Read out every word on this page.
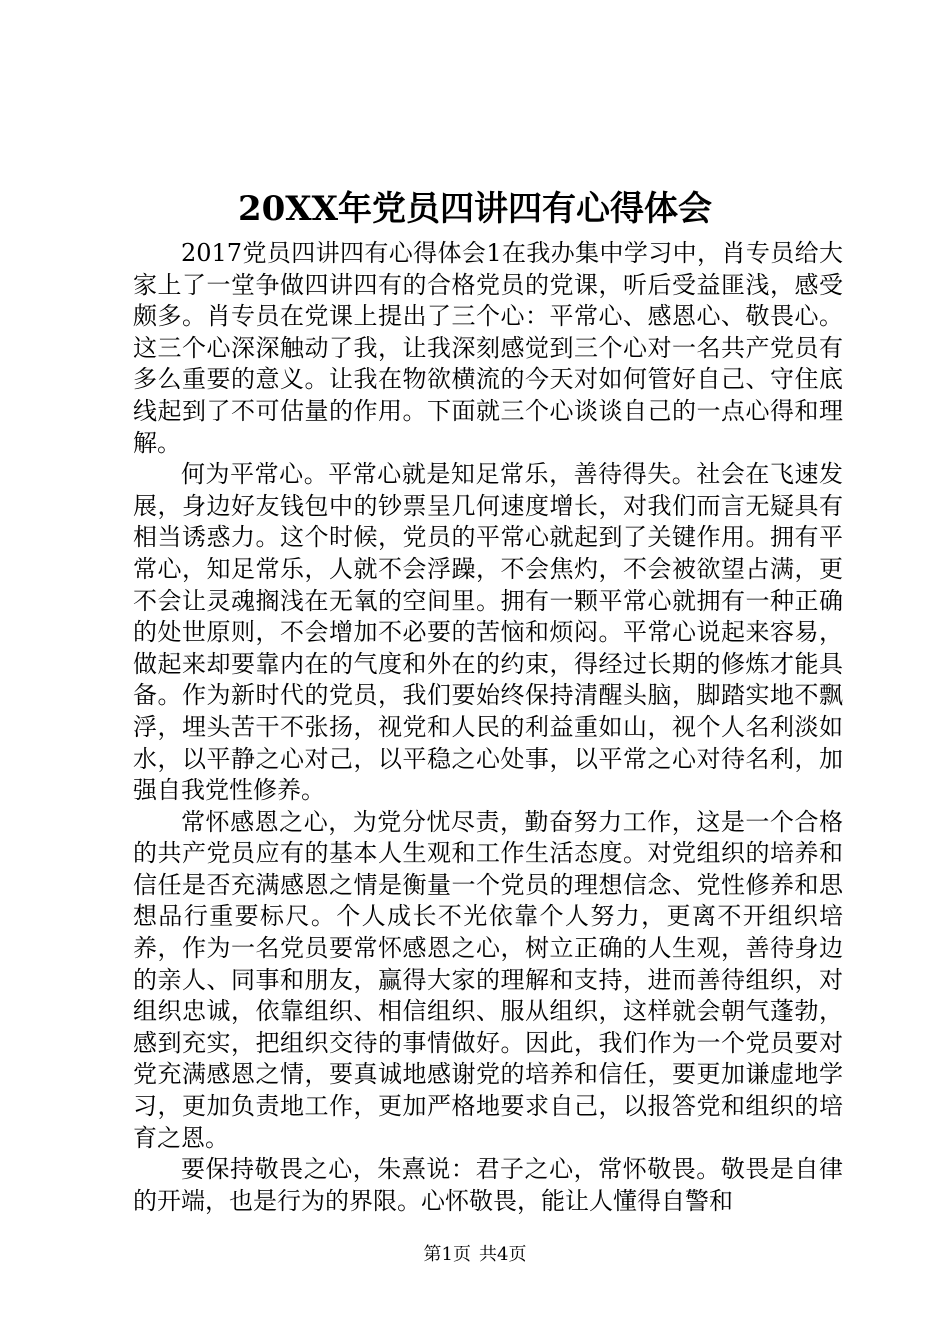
20XX年党员四讲四有心得体会

2017党员四讲四有心得体会1在我办集中学习中，肖专员给大家上了一堂争做四讲四有的合格党员的党课，听后受益匪浅，感受颇多。肖专员在党课上提出了三个心：平常心、感恩心、敬畏心。这三个心深深触动了我，让我深刻感觉到三个心对一名共产党员有多么重要的意义。让我在物欲横流的今天对如何管好自己、守住底线起到了不可估量的作用。下面就三个心谈谈自己的一点心得和理解。

何为平常心。平常心就是知足常乐，善待得失。社会在飞速发展，身边好友钱包中的钞票呈几何速度增长，对我们而言无疑具有相当诱惑力。这个时候，党员的平常心就起到了关键作用。拥有平常心，知足常乐，人就不会浮躁，不会焦灼，不会被欲望占满，更不会让灵魂搁浅在无氧的空间里。拥有一颗平常心就拥有一种正确的处世原则，不会增加不必要的苦恼和烦闷。平常心说起来容易，做起来却要靠内在的气度和外在的约束，得经过长期的修炼才能具备。作为新时代的党员，我们要始终保持清醒头脑，脚踏实地不飘浮，埋头苦干不张扬，视党和人民的利益重如山，视个人名利淡如水，以平静之心对己，以平稳之心处事，以平常之心对待名利，加强自我党性修养。

常怀感恩之心，为党分忧尽责，勤奋努力工作，这是一个合格的共产党员应有的基本人生观和工作生活态度。对党组织的培养和信任是否充满感恩之情是衡量一个党员的理想信念、党性修养和思想品行重要标尺。个人成长不光依靠个人努力，更离不开组织培养，作为一名党员要常怀感恩之心，树立正确的人生观，善待身边的亲人、同事和朋友，赢得大家的理解和支持，进而善待组织，对组织忠诚，依靠组织、相信组织、服从组织，这样就会朝气蓬勃，感到充实，把组织交待的事情做好。因此，我们作为一个党员要对党充满感恩之情，要真诚地感谢党的培养和信任，要更加谦虚地学习，更加负责地工作，更加严格地要求自己，以报答党和组织的培育之恩。

要保持敬畏之心，朱熹说：君子之心，常怀敬畏。敬畏是自律的开端，也是行为的界限。心怀敬畏，能让人懂得自警和

第1页 共4页
